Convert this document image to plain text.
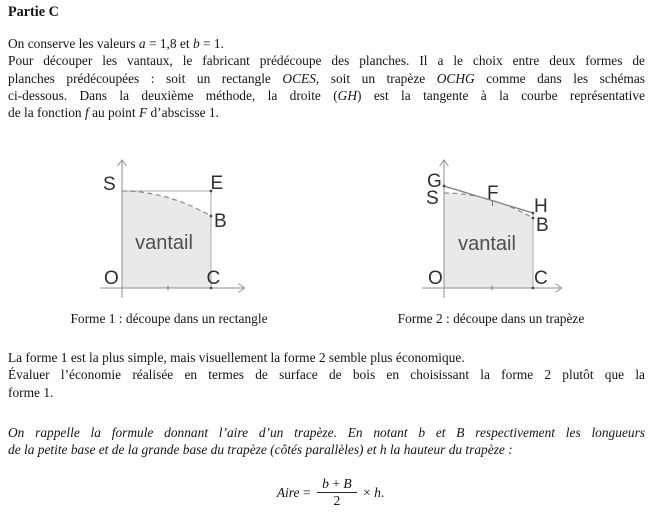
Partie C
On conserve les valeurs a = 1,8 et b = 1.
Pour découper les vantaux, le fabricant prédécoupe des planches. Il a le choix entre deux formes de
planches prédécoupées : soit un rectangle OCES, soit un trapèze OCHG comme dans les schémas
ci-dessous. Dans la deuxième méthode, la droite (GH) est la tangente à la courbe représentative
de la fonction f au point F d’abscisse 1.
S	E
B
O	C
vantail
G
S	F
H
B
O	C
vantail
Forme 1 : découpe dans un rectangle	Forme 2 : découpe dans un trapèze
La forme 1 est la plus simple, mais visuellement la forme 2 semble plus économique.
Évaluer l’économie réalisée en termes de surface de bois en choisissant la forme 2 plutôt que la
forme 1.
On rappelle la formule donnant l’aire d’un trapèze. En notant b et B respectivement les longueurs
de la petite base et de la grande base du trapèze (côtés parallèles) et h la hauteur du trapèze :
Aire = $\frac{b + B}{2} \times h$.
